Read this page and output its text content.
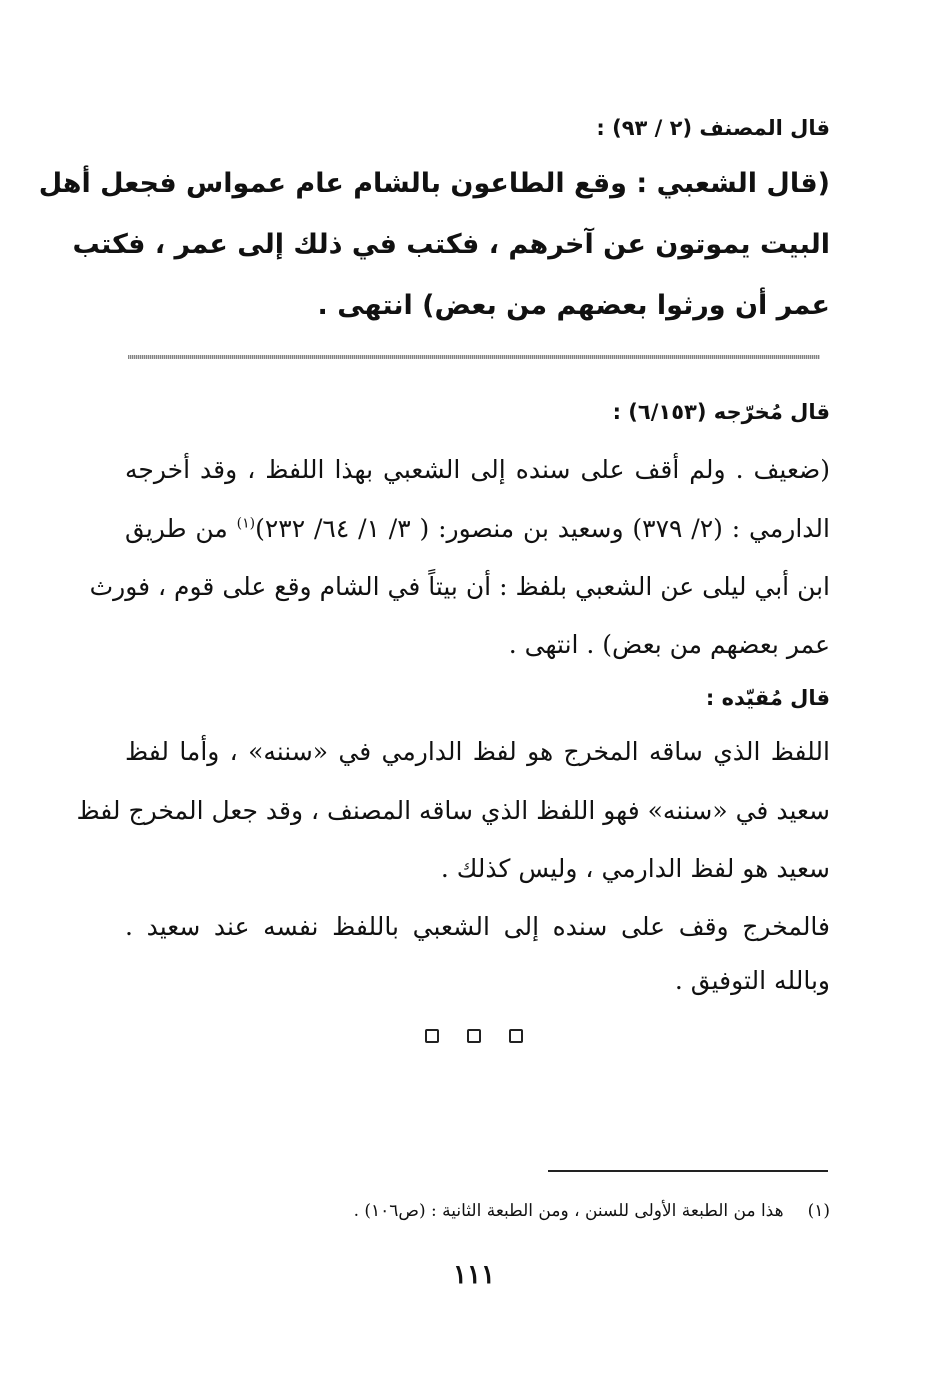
قال المصنف (٢ / ٩٣) :
(قال الشعبي : وقع الطاعون بالشام عام عمواس فجعل أهل
البيت يموتون عن آخرهم ، فكتب في ذلك إلى عمر ، فكتب
عمر أن ورثوا بعضهم من بعض) انتهى .
قال مُخرّجه (٦/١٥٣) :
(ضعيف . ولم أقف على سنده إلى الشعبي بهذا اللفظ ، وقد أخرجه
الدارمي : (٢/ ٣٧٩) وسعيد بن منصور: ( ٣/ ١/ ٦٤/ ٢٣٢)$^{(١)}$ من طريق
ابن أبي ليلى عن الشعبي بلفظ : أن بيتاً في الشام وقع على قوم ، فورث
عمر بعضهم من بعض) . انتهى .
قال مُقيّده :
اللفظ الذي ساقه المخرج هو لفظ الدارمي في «سننه» ، وأما لفظ
سعيد في «سننه» فهو اللفظ الذي ساقه المصنف ، وقد جعل المخرج لفظ
سعيد هو لفظ الدارمي ، وليس كذلك .
فالمخرج وقف على سنده إلى الشعبي باللفظ نفسه عند سعيد .
وبالله التوفيق .
(١)هذا من الطبعة الأولى للسنن ، ومن الطبعة الثانية : (ص١٠٦) .
١١١
